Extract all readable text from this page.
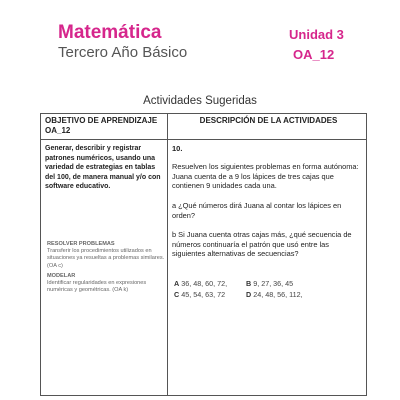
Matemática
Tercero Año Básico
Unidad 3
OA_12
Actividades Sugeridas
OBJETIVO DE APRENDIZAJE OA_12
DESCRIPCIÓN DE LA ACTIVIDADES
Generar, describir y registrar patrones numéricos, usando una variedad de estrategias en tablas del 100, de manera manual y/o con software educativo.
RESOLVER PROBLEMAS
Transferir los procedimientos utilizados en situaciones ya resueltas a problemas similares. (OA c)
MODELAR
Identificar regularidades en expresiones numéricas y geométricas. (OA k)
10.
Resuelven los siguientes problemas en forma autónoma: Juana cuenta de a 9 los lápices de tres cajas que contienen 9 unidades cada una.
a ¿Qué números dirá Juana al contar los lápices en orden?
b Si Juana cuenta otras cajas más, ¿qué secuencia de números continuaría el patrón que usó entre las siguientes alternativas de secuencias?
A 36, 48, 60, 72,	B 9, 27, 36, 45
C 45, 54, 63, 72	D 24, 48, 56, 112,
